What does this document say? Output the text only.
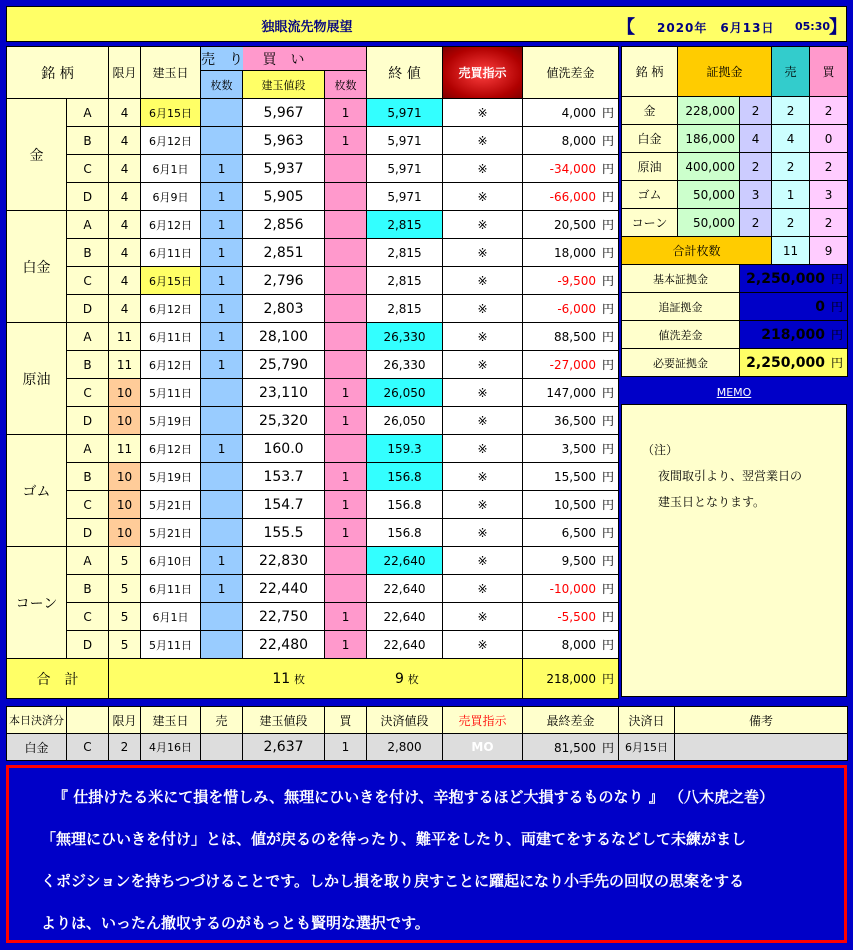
独眼流先物展望	【 2020年　6月13日 05:30
】
銘 柄		限月	建玉日	売　り	買　い		終 値	売買指示	値洗差金
				枚数	建玉値段	枚数			
金	A	4	6月15日		5,967	1	5,971	※	4,000 円
	B	4	6月12日		5,963	1	5,971	※	8,000 円
	C	4	6月1日	1	5,937		5,971	※	-34,000 円
	D	4	6月9日	1	5,905		5,971	※	-66,000 円
白金	A	4	6月12日	1	2,856		2,815	※	20,500 円
	B	4	6月11日	1	2,851		2,815	※	18,000 円
	C	4	6月15日	1	2,796		2,815	※	-9,500 円
	D	4	6月12日	1	2,803		2,815	※	-6,000 円
原油	A	11	6月11日	1	28,100		26,330	※	88,500 円
	B	11	6月12日	1	25,790		26,330	※	-27,000 円
	C	10	5月11日		23,110	1	26,050	※	147,000 円
	D	10	5月19日		25,320	1	26,050	※	36,500 円
ゴム	A	11	6月12日	1	160.0		159.3	※	3,500 円
	B	10	5月19日		153.7	1	156.8	※	15,500 円
	C	10	5月21日		154.7	1	156.8	※	10,500 円
	D	10	5月21日		155.5	1	156.8	※	6,500 円
コーン	A	5	6月10日	1	22,830		22,640	※	9,500 円
	B	5	6月11日	1	22,440		22,640	※	-10,000 円
	C	5	6月1日		22,750	1	22,640	※	-5,500 円
	D	5	5月11日		22,480	1	22,640	※	8,000 円
合　計		11 枚 9 枚							218,000 円
銘 柄	証拠金		売	買
金	228,000	2	2	2
白金	186,000	4	4	0
原油	400,000	2	2	2
ゴム	50,000	3	1	3
コーン	50,000	2	2	2
合計枚数			11	9
基本証拠金		2,250,000 円		
追証拠金		0 円		
値洗差金		218,000 円		
必要証拠金		2,250,000 円		
MEMO
（注）
夜間取引より、翌営業日の
建玉日となります。
本日決済分		限月	建玉日	売	建玉値段	買	決済値段	売買指示	最終差金	決済日	備考
白金	C	2	4月16日		2,637	1	2,800	MO	81,500 円	6月15日	
『 仕掛けたる米にて損を惜しみ、無理にひいきを付け、辛抱するほど大損するものなり 』 （八木虎之巻）
「無理にひいきを付け」とは、値が戻るのを待ったり、難平をしたり、両建てをするなどして未練がまし
くポジションを持ちつづけることです。しかし損を取り戻すことに躍起になり小手先の回収の思案をする
よりは、いったん撤収するのがもっとも賢明な選択です。
